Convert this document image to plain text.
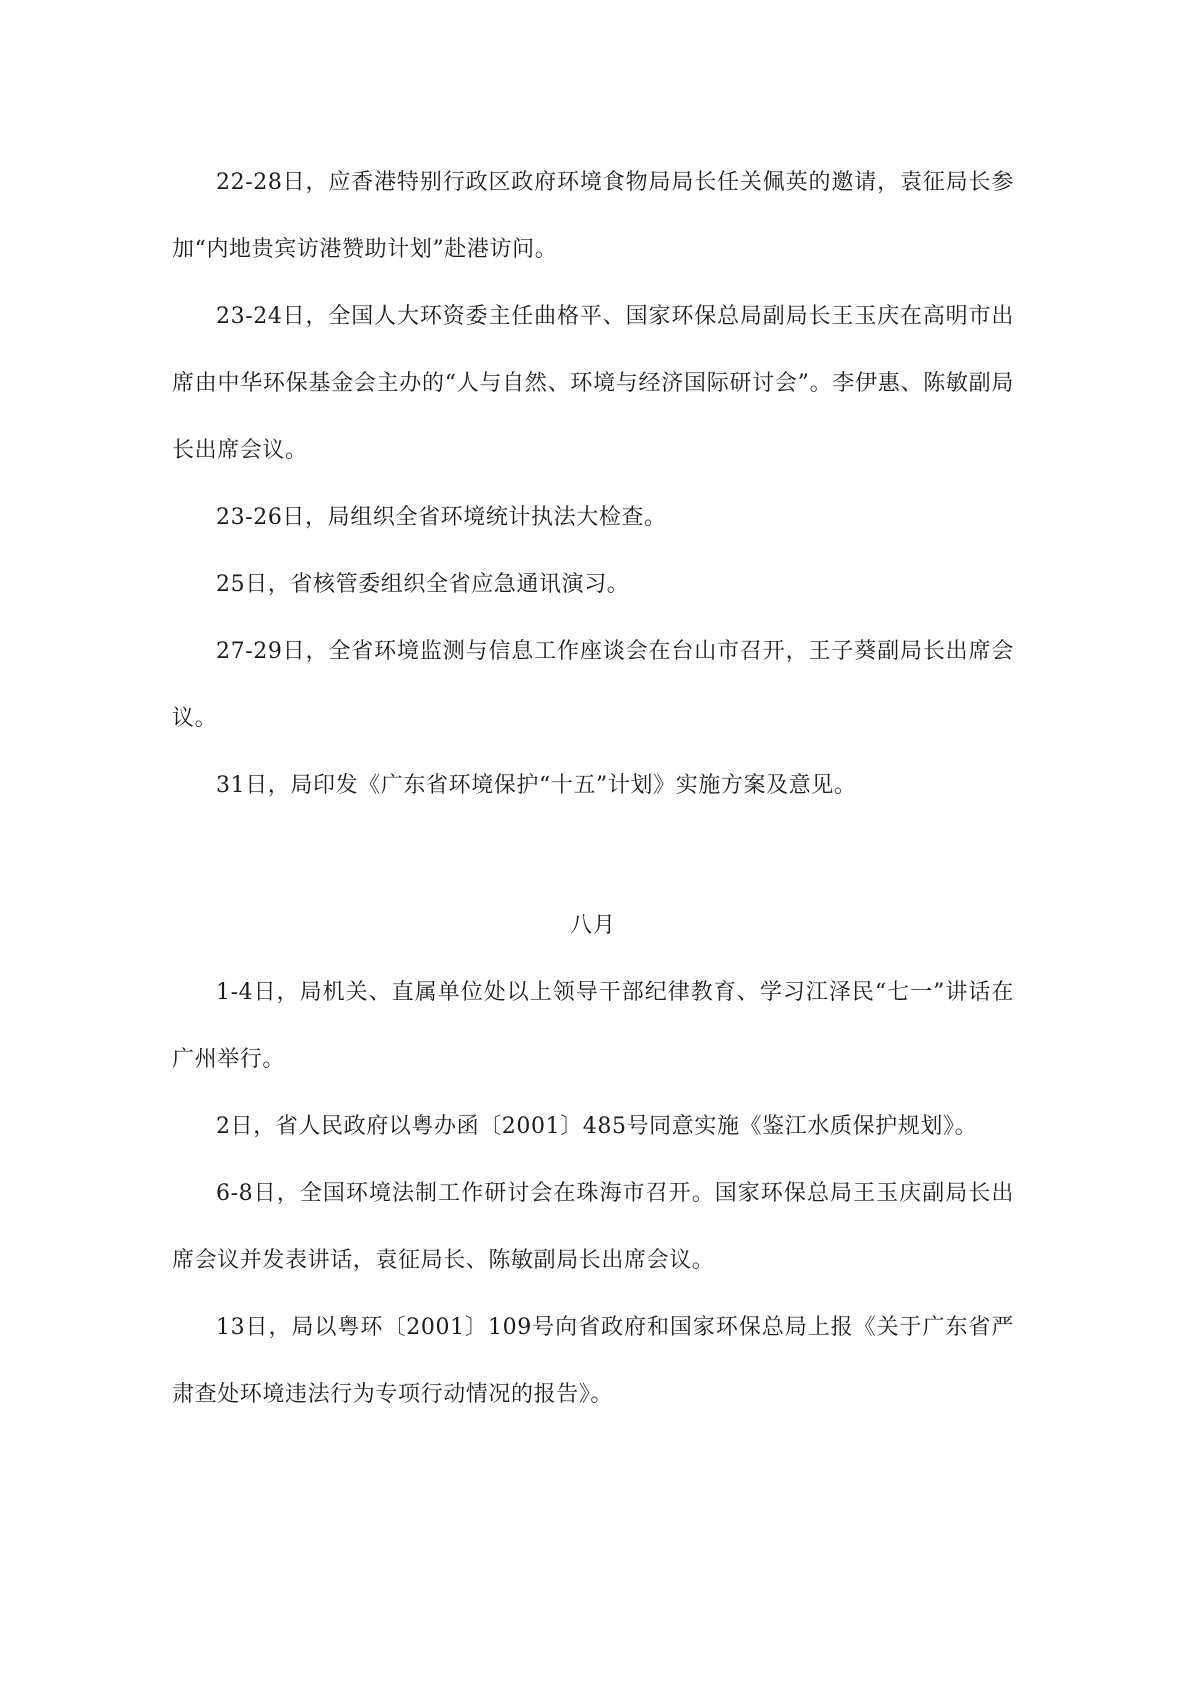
22-28日，应香港特别行政区政府环境食物局局长任关佩英的邀请，袁征局长参加“内地贵宾访港赞助计划”赴港访问。

23-24日，全国人大环资委主任曲格平、国家环保总局副局长王玉庆在高明市出席由中华环保基金会主办的“人与自然、环境与经济国际研讨会”。李伊惠、陈敏副局长出席会议。

23-26日，局组织全省环境统计执法大检查。

25日，省核管委组织全省应急通讯演习。

27-29日，全省环境监测与信息工作座谈会在台山市召开，王子葵副局长出席会议。

31日，局印发《广东省环境保护“十五”计划》实施方案及意见。

八月

1-4日，局机关、直属单位处以上领导干部纪律教育、学习江泽民“七一”讲话在广州举行。

2日，省人民政府以粤办函〔2001〕485号同意实施《鉴江水质保护规划》。

6-8日，全国环境法制工作研讨会在珠海市召开。国家环保总局王玉庆副局长出席会议并发表讲话，袁征局长、陈敏副局长出席会议。

13日，局以粤环〔2001〕109号向省政府和国家环保总局上报《关于广东省严肃查处环境违法行为专项行动情况的报告》。
